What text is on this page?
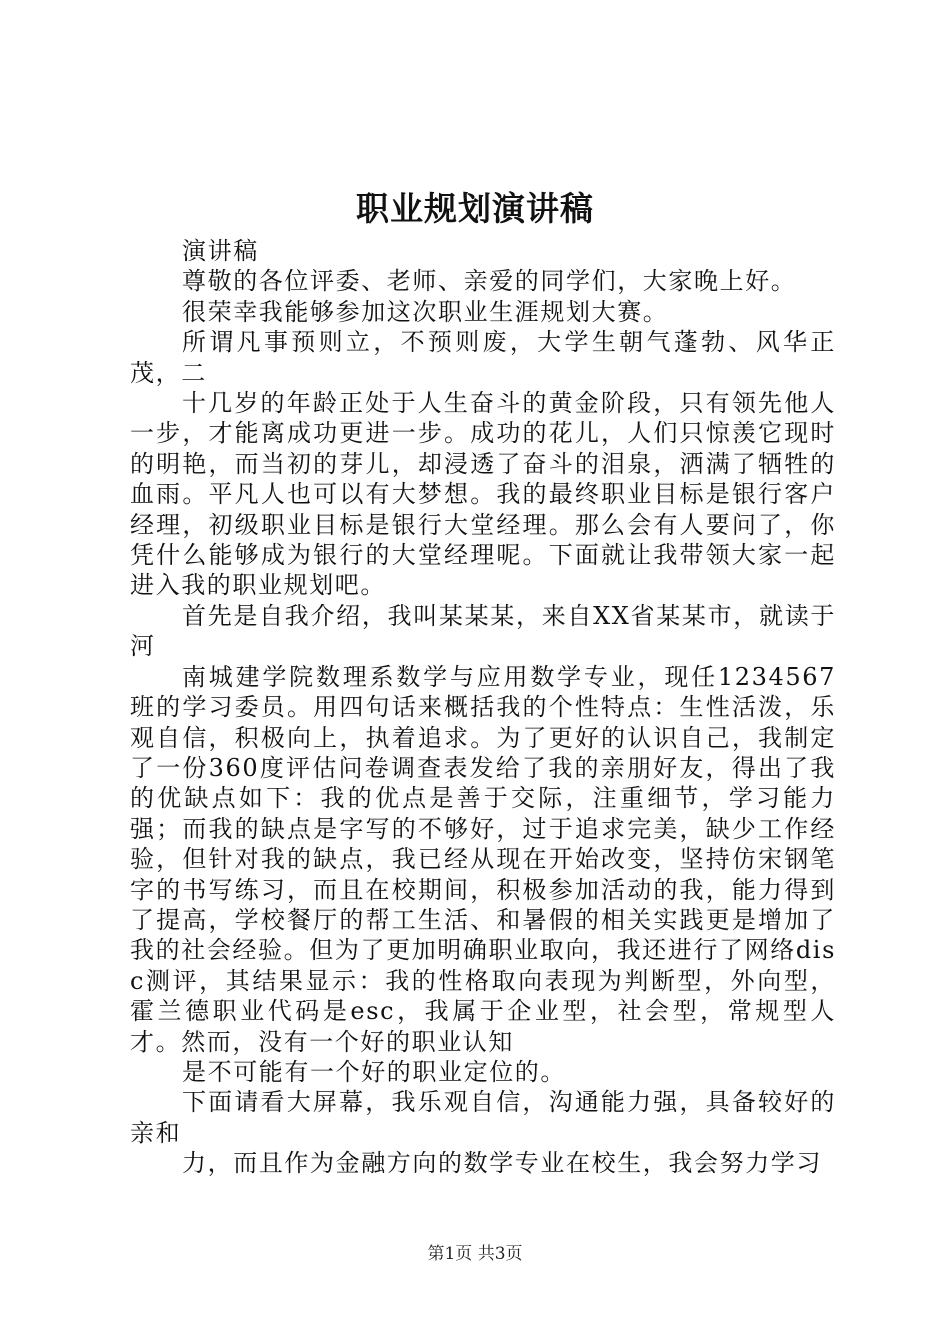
职业规划演讲稿

演讲稿

尊敬的各位评委、老师、亲爱的同学们，大家晚上好。

很荣幸我能够参加这次职业生涯规划大赛。

所谓凡事预则立，不预则废，大学生朝气蓬勃、风华正茂，二

十几岁的年龄正处于人生奋斗的黄金阶段，只有领先他人一步，才能离成功更进一步。成功的花儿，人们只惊羡它现时的明艳，而当初的芽儿，却浸透了奋斗的泪泉，洒满了牺牲的血雨。平凡人也可以有大梦想。我的最终职业目标是银行客户经理，初级职业目标是银行大堂经理。那么会有人要问了，你凭什么能够成为银行的大堂经理呢。下面就让我带领大家一起进入我的职业规划吧。

首先是自我介绍，我叫某某某，来自XX省某某市，就读于河

南城建学院数理系数学与应用数学专业，现任1234567班的学习委员。用四句话来概括我的个性特点：生性活泼，乐观自信，积极向上，执着追求。为了更好的认识自己，我制定了一份360度评估问卷调查表发给了我的亲朋好友，得出了我的优缺点如下：我的优点是善于交际，注重细节，学习能力强；而我的缺点是字写的不够好，过于追求完美，缺少工作经验，但针对我的缺点，我已经从现在开始改变，坚持仿宋钢笔字的书写练习，而且在校期间，积极参加活动的我，能力得到了提高，学校餐厅的帮工生活、和暑假的相关实践更是增加了我的社会经验。但为了更加明确职业取向，我还进行了网络disc测评，其结果显示：我的性格取向表现为判断型，外向型，霍兰德职业代码是esc，我属于企业型，社会型，常规型人才。然而，没有一个好的职业认知

是不可能有一个好的职业定位的。

下面请看大屏幕，我乐观自信，沟通能力强，具备较好的亲和

力，而且作为金融方向的数学专业在校生，我会努力学习

第1页 共3页
